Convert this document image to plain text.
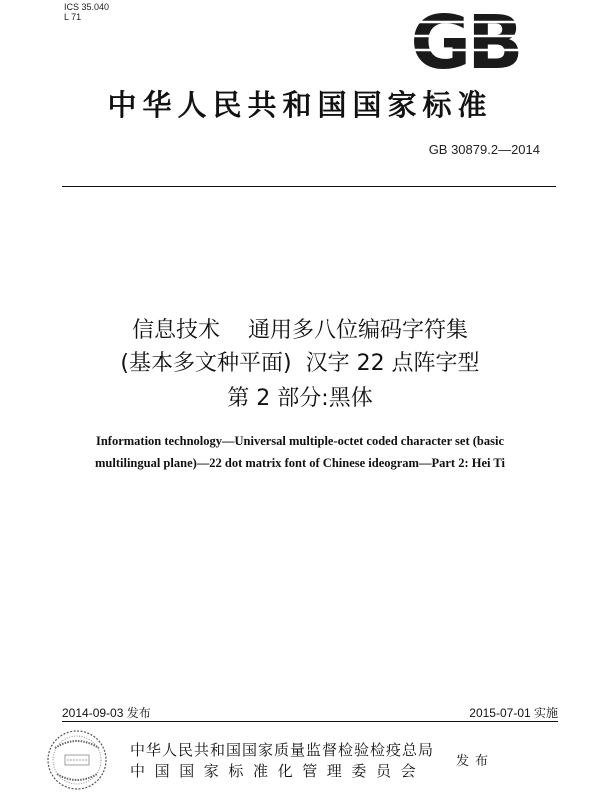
ICS 35.040
L 71	GB
中华人民共和国国家标准
GB 30879.2—2014
信息技术    通用多八位编码字符集
(基本多文种平面)  汉字 22 点阵字型
第 2 部分:黑体
Information technology—Universal multiple-octet coded character set (basic
multilingual plane)—22 dot matrix font of Chinese ideogram—Part 2: Hei Ti
2014-09-03 发布	2015-07-01 实施
中华人民共和国国家质量监督检验检疫总局
中国国家标准化管理委员会
发布
